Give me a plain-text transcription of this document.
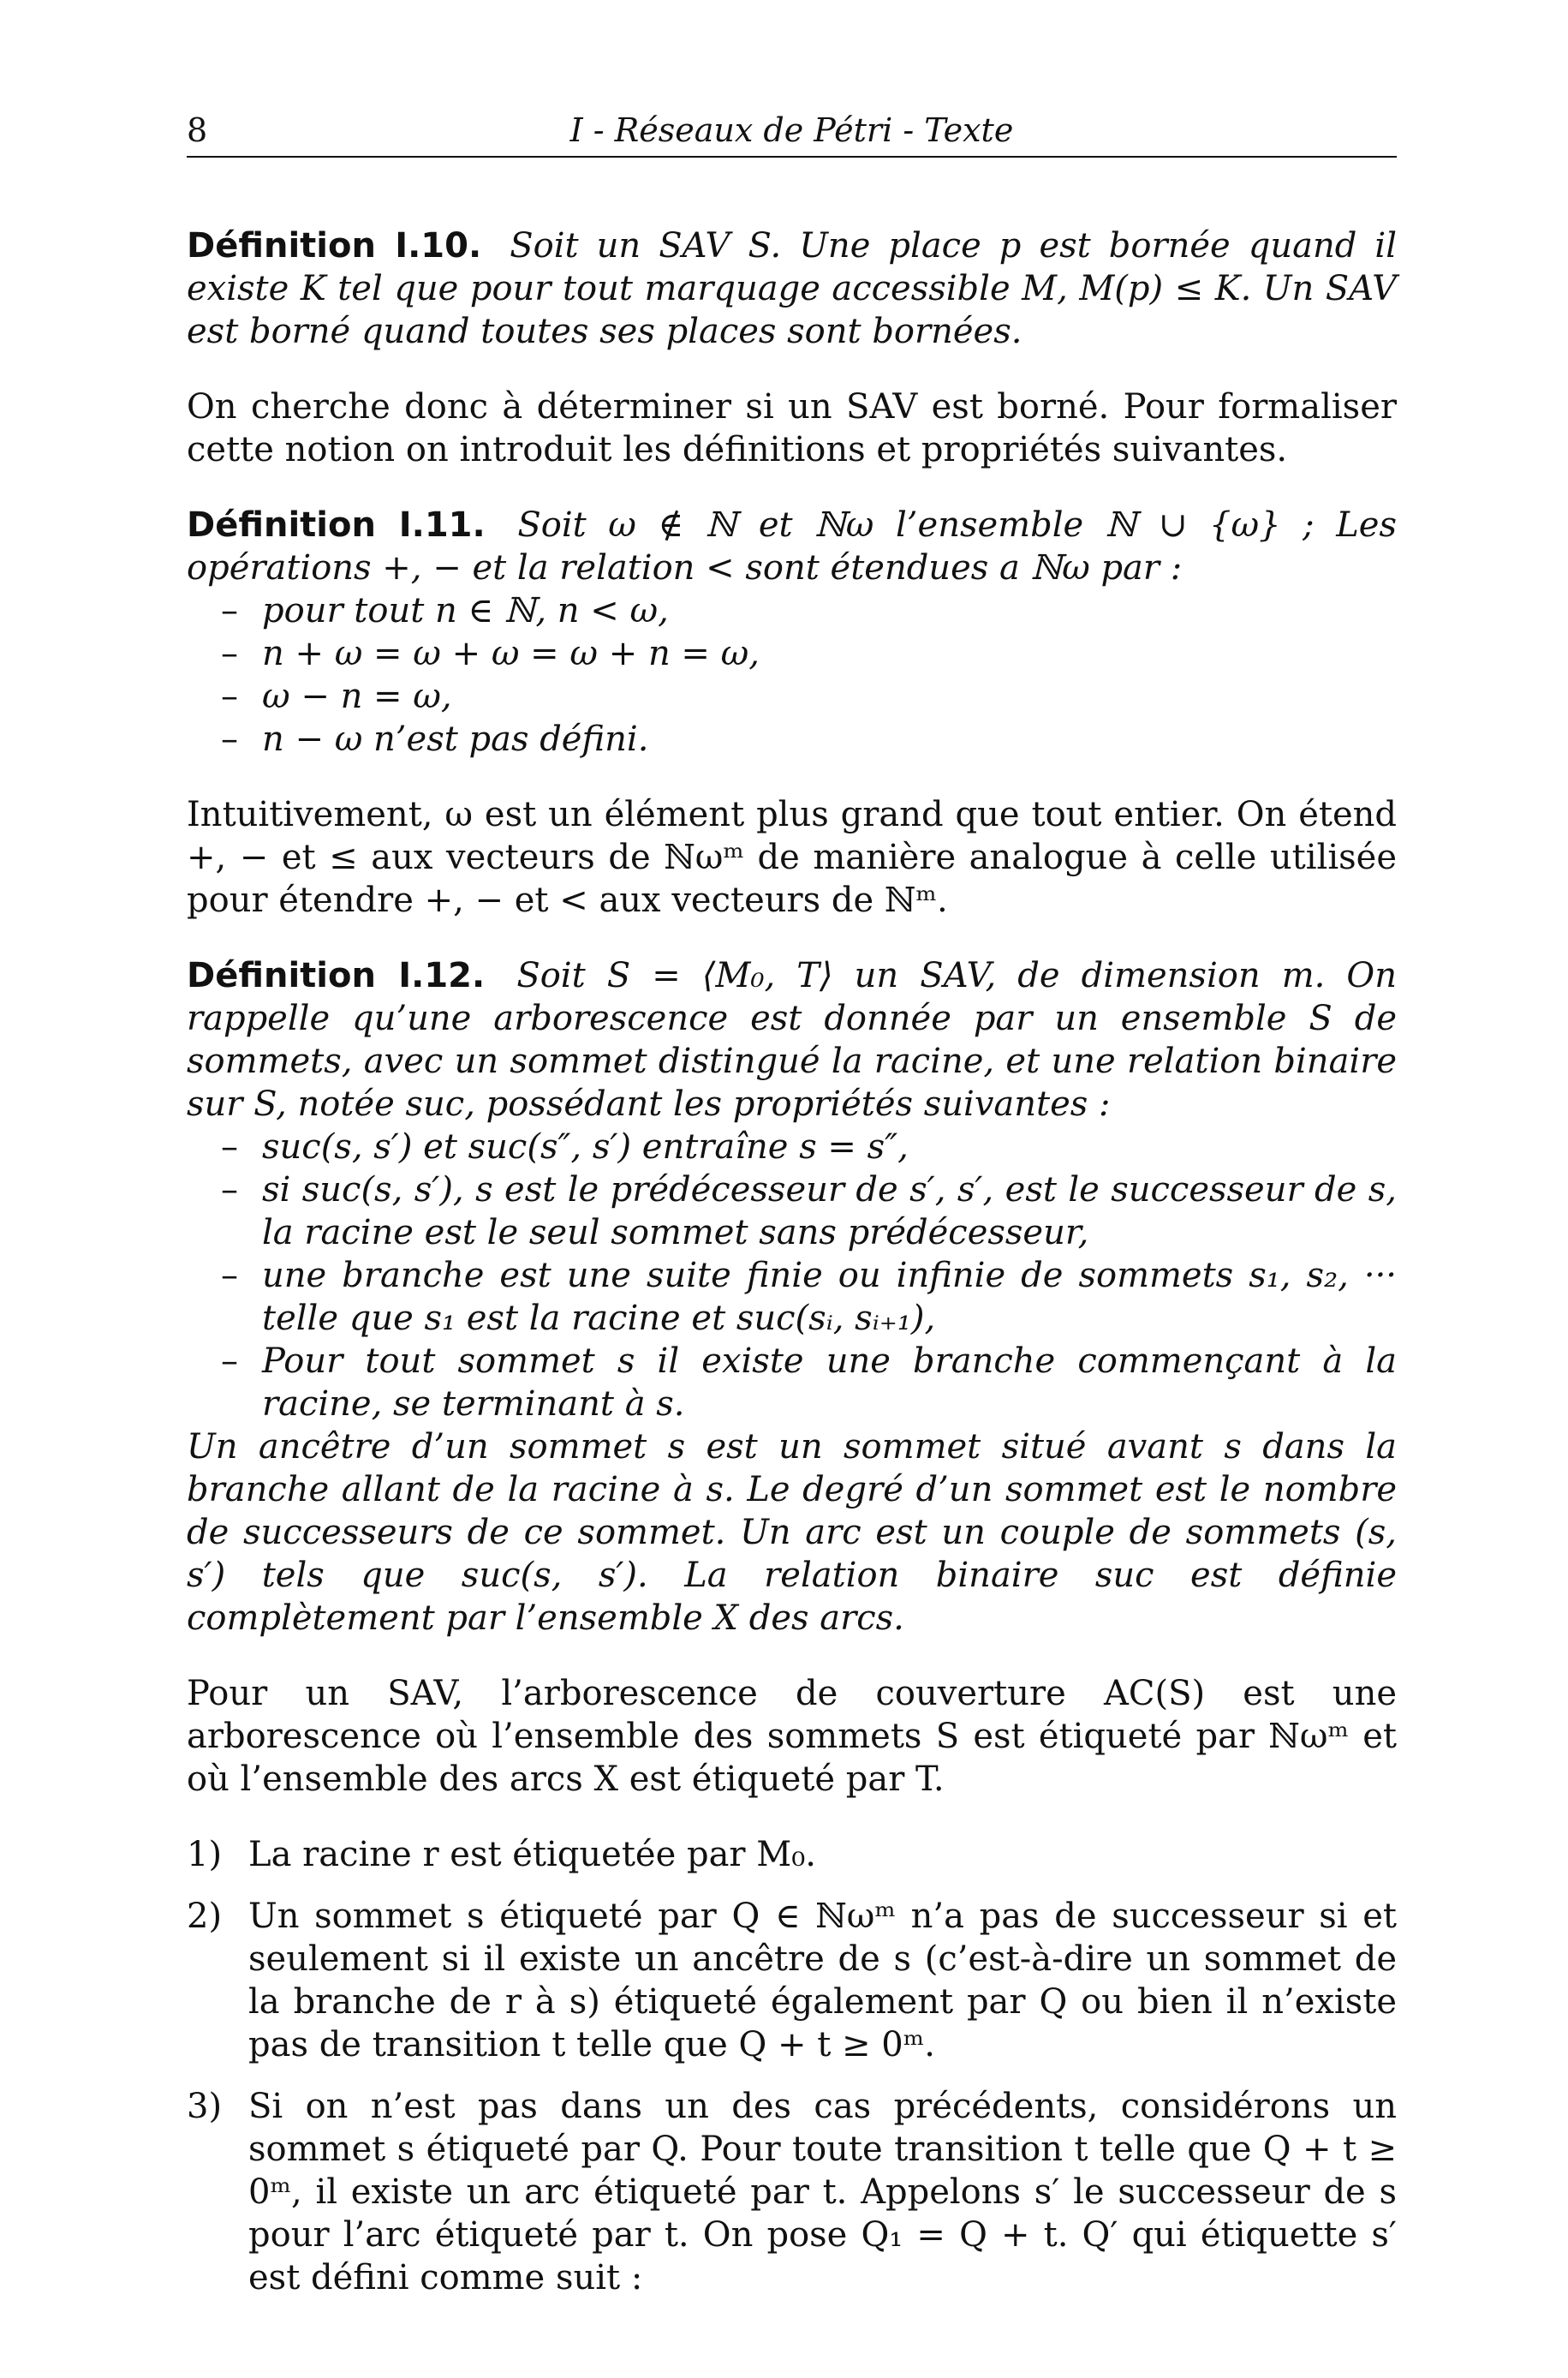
8	I - Réseaux de Pétri - Texte

Définition I.10. Soit un SAV S. Une place p est bornée quand il existe K tel que pour tout marquage accessible M, M(p) ≤ K. Un SAV est borné quand toutes ses places sont bornées.

On cherche donc à déterminer si un SAV est borné. Pour formaliser cette notion on introduit les définitions et propriétés suivantes.

Définition I.11. Soit ω ∉ ℕ et ℕω l’ensemble ℕ ∪ {ω} ; Les opérations +, − et la relation < sont étendues a ℕω par :

– pour tout n ∈ ℕ, n < ω,
– n + ω = ω + ω = ω + n = ω,
– ω − n = ω,
– n − ω n’est pas défini.

Intuitivement, ω est un élément plus grand que tout entier. On étend +, − et ≤ aux vecteurs de ℕωᵐ de manière analogue à celle utilisée pour étendre +, − et < aux vecteurs de ℕᵐ.

Définition I.12. Soit S = ⟨M₀, T⟩ un SAV, de dimension m. On rappelle qu’une arborescence est donnée par un ensemble S de sommets, avec un sommet distingué la racine, et une relation binaire sur S, notée suc, possédant les propriétés suivantes :

– suc(s, s′) et suc(s″, s′) entraîne s = s″,
– si suc(s, s′), s est le prédécesseur de s′, s′, est le successeur de s, la racine est le seul sommet sans prédécesseur,
– une branche est une suite finie ou infinie de sommets s₁, s₂, ··· telle que s₁ est la racine et suc(sᵢ, sᵢ₊₁),
– Pour tout sommet s il existe une branche commençant à la racine, se terminant à s.

Un ancêtre d’un sommet s est un sommet situé avant s dans la branche allant de la racine à s. Le degré d’un sommet est le nombre de successeurs de ce sommet. Un arc est un couple de sommets (s, s′) tels que suc(s, s′). La relation binaire suc est définie complètement par l’ensemble X des arcs.

Pour un SAV, l’arborescence de couverture AC(S) est une arborescence où l’ensemble des sommets S est étiqueté par ℕωᵐ et où l’ensemble des arcs X est étiqueté par T.

1) La racine r est étiquetée par M₀.
2) Un sommet s étiqueté par Q ∈ ℕωᵐ n’a pas de successeur si et seulement si il existe un ancêtre de s (c’est-à-dire un sommet de la branche de r à s) étiqueté également par Q ou bien il n’existe pas de transition t telle que Q + t ≥ 0ᵐ.
3) Si on n’est pas dans un des cas précédents, considérons un sommet s étiqueté par Q. Pour toute transition t telle que Q + t ≥ 0ᵐ, il existe un arc étiqueté par t. Appelons s′ le successeur de s pour l’arc étiqueté par t. On pose Q₁ = Q + t. Q′ qui étiquette s′ est défini comme suit :
